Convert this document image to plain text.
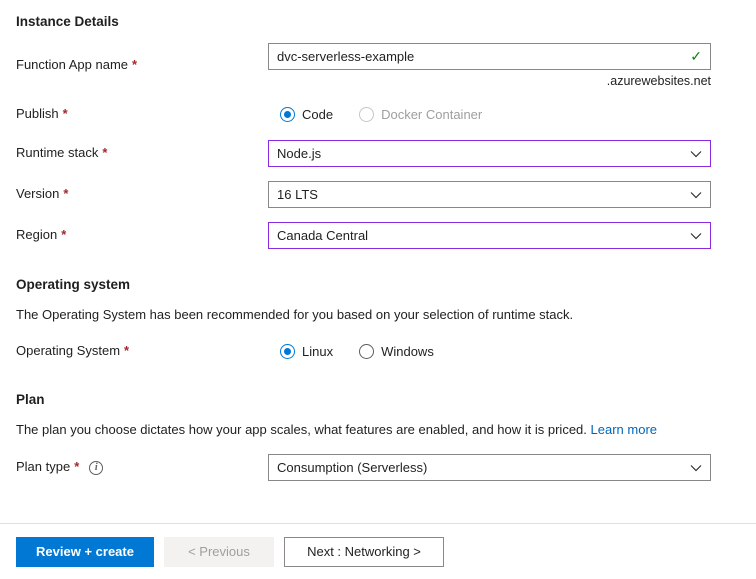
Instance Details
Function App name *
dvc-serverless-example	✓
.azurewebsites.net
Publish *	Code	Docker Container
Runtime stack *	Node.js
Version *	16 LTS
Region *	Canada Central
Operating system

The Operating System has been recommended for you based on your selection of runtime stack.

Operating System *	Linux	Windows
Plan

The plan you choose dictates how your app scales, what features are enabled, and how it is priced. Learn more

Plan type *	i	Consumption (Serverless)
Review + create	< Previous	Next : Networking >
